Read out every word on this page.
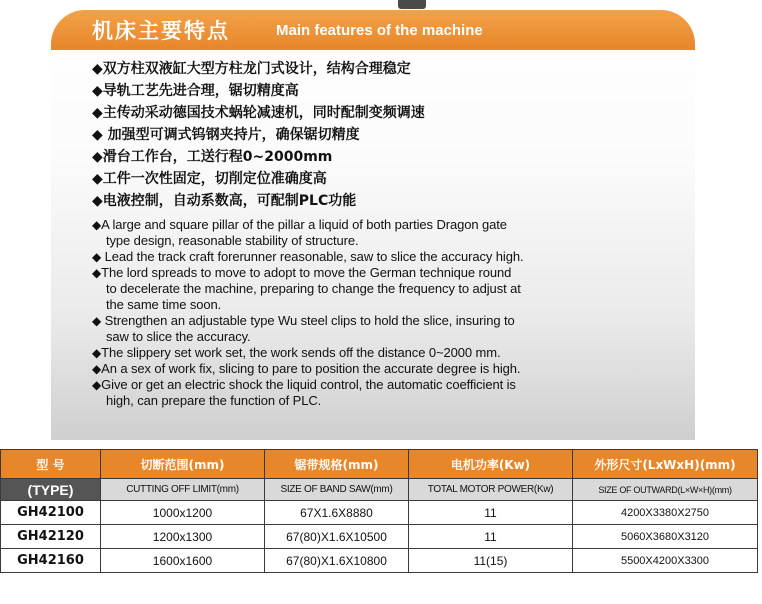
机床主要特点	Main features of the machine
◆双方柱双液缸大型方柱龙门式设计，结构合理稳定
◆导轨工艺先进合理，锯切精度高
◆主传动采动德国技术蜗轮减速机，同时配制变频调速
◆ 加强型可调式钨钢夹持片，确保锯切精度
◆滑台工作台，工送行程0~2000mm
◆工件一次性固定，切削定位准确度高
◆电液控制，自动系数高，可配制PLC功能
◆A large and square pillar of the pillar a liquid of both parties Dragon gate
type design, reasonable stability of structure.
◆ Lead the track craft forerunner reasonable, saw to slice the accuracy high.
◆The lord spreads to move to adopt to move the German technique round
to decelerate the machine, preparing to change the frequency to adjust at
the same time soon.
◆ Strengthen an adjustable type Wu steel clips to hold the slice, insuring to
saw to slice the accuracy.
◆The slippery set work set, the work sends off the distance 0~2000 mm.
◆An a sex of work fix, slicing to pare to position the accurate degree is high.
◆Give or get an electric shock the liquid control, the automatic coefficient is
high, can prepare the function of PLC.
型 号	切断范围(mm)	锯带规格(mm)	电机功率(Kw)	外形尺寸(LxWxH)(mm)
(TYPE)	CUTTING OFF LIMIT(mm)	SIZE OF BAND SAW(mm)	TOTAL MOTOR POWER(Kw)	SIZE OF OUTWARD(L×W×H)(mm)
GH42100	1000x1200	67X1.6X8880	11	4200X3380X2750
GH42120	1200x1300	67(80)X1.6X10500	11	5060X3680X3120
GH42160	1600x1600	67(80)X1.6X10800	11(15)	5500X4200X3300
